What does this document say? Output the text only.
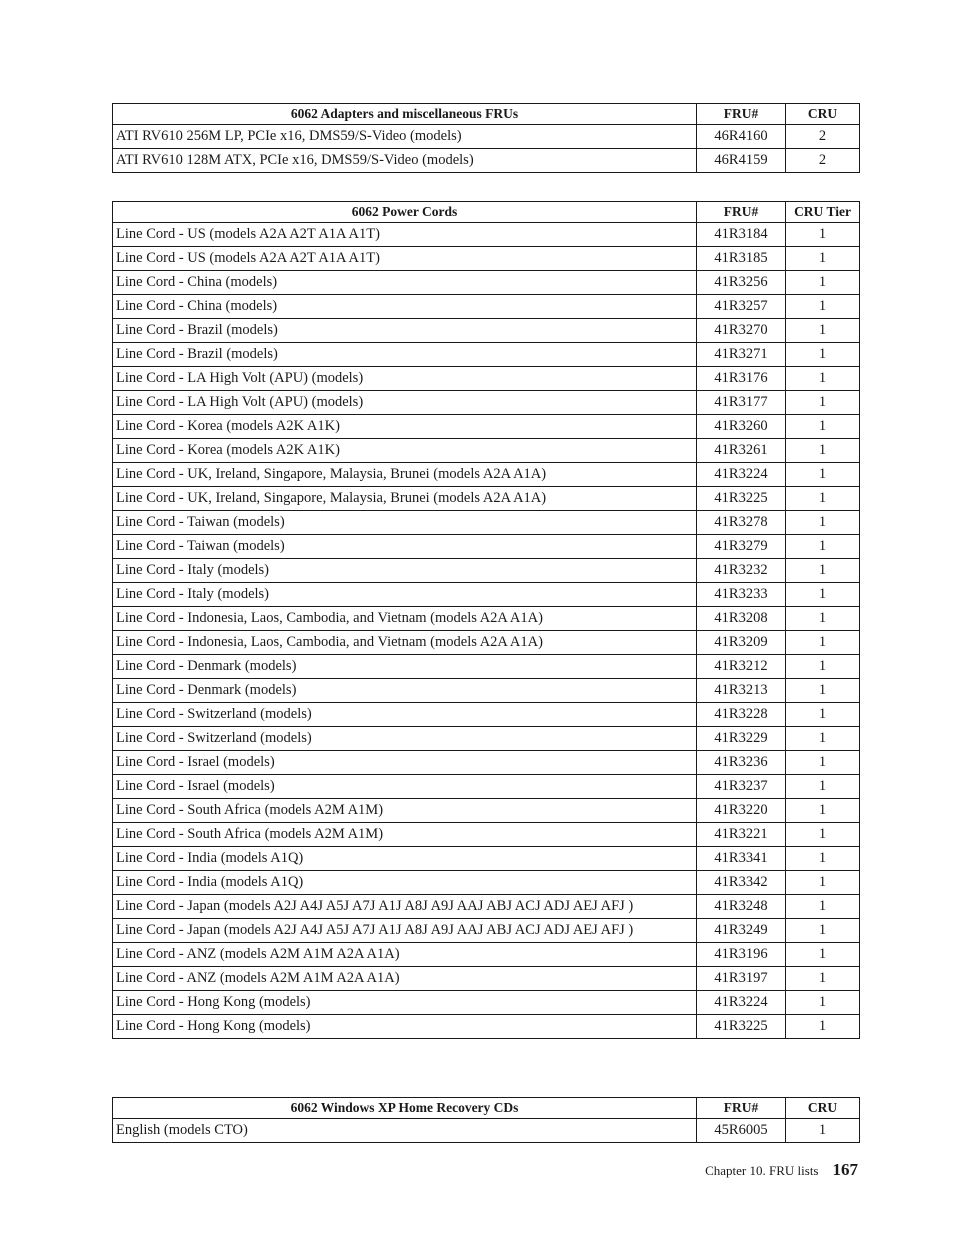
6062 Adapters and miscellaneous FRUs	FRU#	CRU
ATI RV610 256M LP, PCIe x16, DMS59/S-Video (models)	46R4160	2
ATI RV610 128M ATX, PCIe x16, DMS59/S-Video (models)	46R4159	2
6062 Power Cords	FRU#	CRU Tier
Line Cord - US (models A2A A2T A1A A1T)	41R3184	1
Line Cord - US (models A2A A2T A1A A1T)	41R3185	1
Line Cord - China (models)	41R3256	1
Line Cord - China (models)	41R3257	1
Line Cord - Brazil (models)	41R3270	1
Line Cord - Brazil (models)	41R3271	1
Line Cord - LA High Volt (APU) (models)	41R3176	1
Line Cord - LA High Volt (APU) (models)	41R3177	1
Line Cord - Korea (models A2K A1K)	41R3260	1
Line Cord - Korea (models A2K A1K)	41R3261	1
Line Cord - UK, Ireland, Singapore, Malaysia, Brunei (models A2A A1A)	41R3224	1
Line Cord - UK, Ireland, Singapore, Malaysia, Brunei (models A2A A1A)	41R3225	1
Line Cord - Taiwan (models)	41R3278	1
Line Cord - Taiwan (models)	41R3279	1
Line Cord - Italy (models)	41R3232	1
Line Cord - Italy (models)	41R3233	1
Line Cord - Indonesia, Laos, Cambodia, and Vietnam (models A2A A1A)	41R3208	1
Line Cord - Indonesia, Laos, Cambodia, and Vietnam (models A2A A1A)	41R3209	1
Line Cord - Denmark (models)	41R3212	1
Line Cord - Denmark (models)	41R3213	1
Line Cord - Switzerland (models)	41R3228	1
Line Cord - Switzerland (models)	41R3229	1
Line Cord - Israel (models)	41R3236	1
Line Cord - Israel (models)	41R3237	1
Line Cord - South Africa (models A2M A1M)	41R3220	1
Line Cord - South Africa (models A2M A1M)	41R3221	1
Line Cord - India (models A1Q)	41R3341	1
Line Cord - India (models A1Q)	41R3342	1
Line Cord - Japan (models A2J A4J A5J A7J A1J A8J A9J AAJ ABJ ACJ ADJ AEJ AFJ )	41R3248	1
Line Cord - Japan (models A2J A4J A5J A7J A1J A8J A9J AAJ ABJ ACJ ADJ AEJ AFJ )	41R3249	1
Line Cord - ANZ (models A2M A1M A2A A1A)	41R3196	1
Line Cord - ANZ (models A2M A1M A2A A1A)	41R3197	1
Line Cord - Hong Kong (models)	41R3224	1
Line Cord - Hong Kong (models)	41R3225	1
6062 Windows XP Home Recovery CDs	FRU#	CRU
English (models CTO)	45R6005	1
Chapter 10. FRU lists 167
